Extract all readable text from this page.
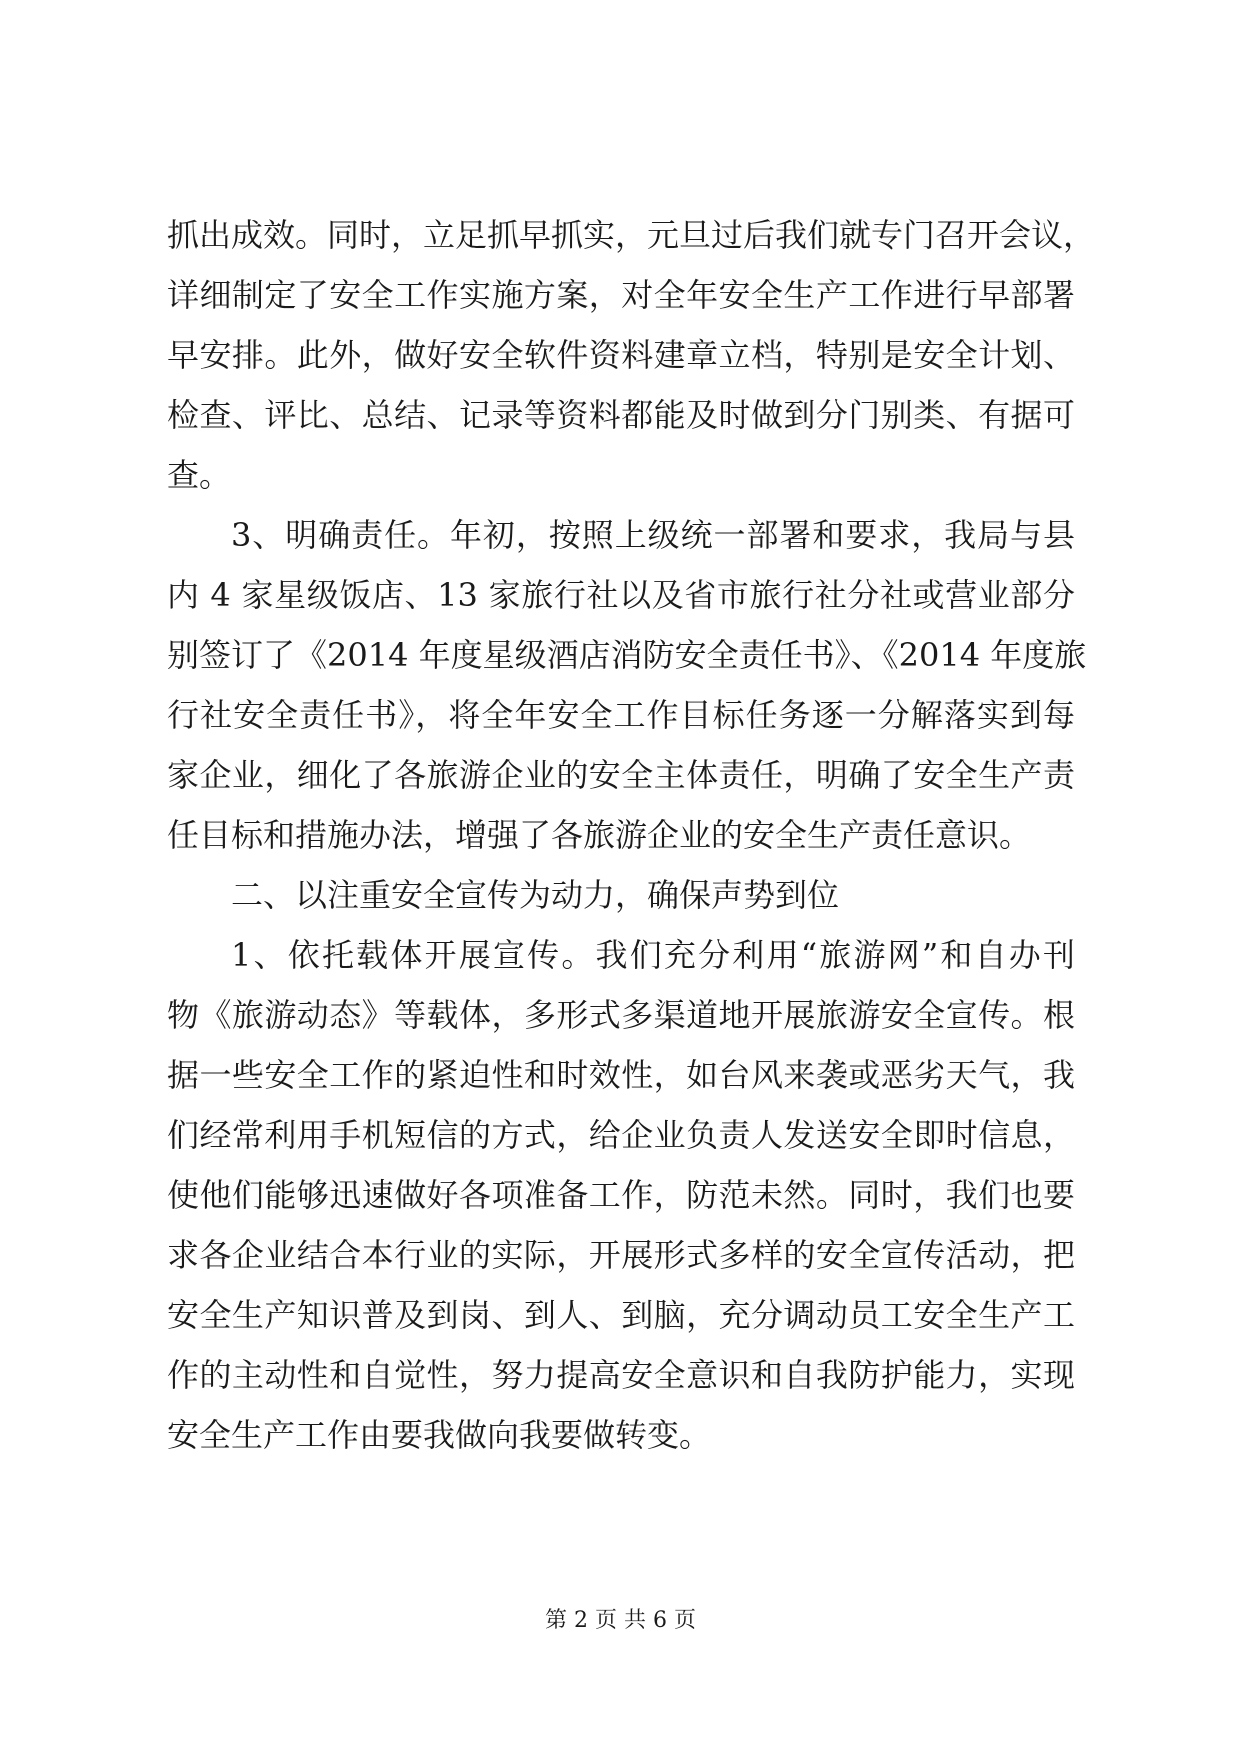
抓出成效。同时，立足抓早抓实，元旦过后我们就专门召开会议，
详细制定了安全工作实施方案，对全年安全生产工作进行早部署
早安排。此外，做好安全软件资料建章立档，特别是安全计划、
检查、评比、总结、记录等资料都能及时做到分门别类、有据可
查。
3、明确责任。年初，按照上级统一部署和要求，我局与县
内 4 家星级饭店、13 家旅行社以及省市旅行社分社或营业部分
别签订了《2014 年度星级酒店消防安全责任书》、《2014 年度旅
行社安全责任书》，将全年安全工作目标任务逐一分解落实到每
家企业，细化了各旅游企业的安全主体责任，明确了安全生产责
任目标和措施办法，增强了各旅游企业的安全生产责任意识。
二、以注重安全宣传为动力，确保声势到位
1、依托载体开展宣传。我们充分利用“旅游网”和自办刊
物《旅游动态》等载体，多形式多渠道地开展旅游安全宣传。根
据一些安全工作的紧迫性和时效性，如台风来袭或恶劣天气，我
们经常利用手机短信的方式，给企业负责人发送安全即时信息，
使他们能够迅速做好各项准备工作，防范未然。同时，我们也要
求各企业结合本行业的实际，开展形式多样的安全宣传活动，把
安全生产知识普及到岗、到人、到脑，充分调动员工安全生产工
作的主动性和自觉性，努力提高安全意识和自我防护能力，实现
安全生产工作由要我做向我要做转变。
第 2 页 共 6 页
